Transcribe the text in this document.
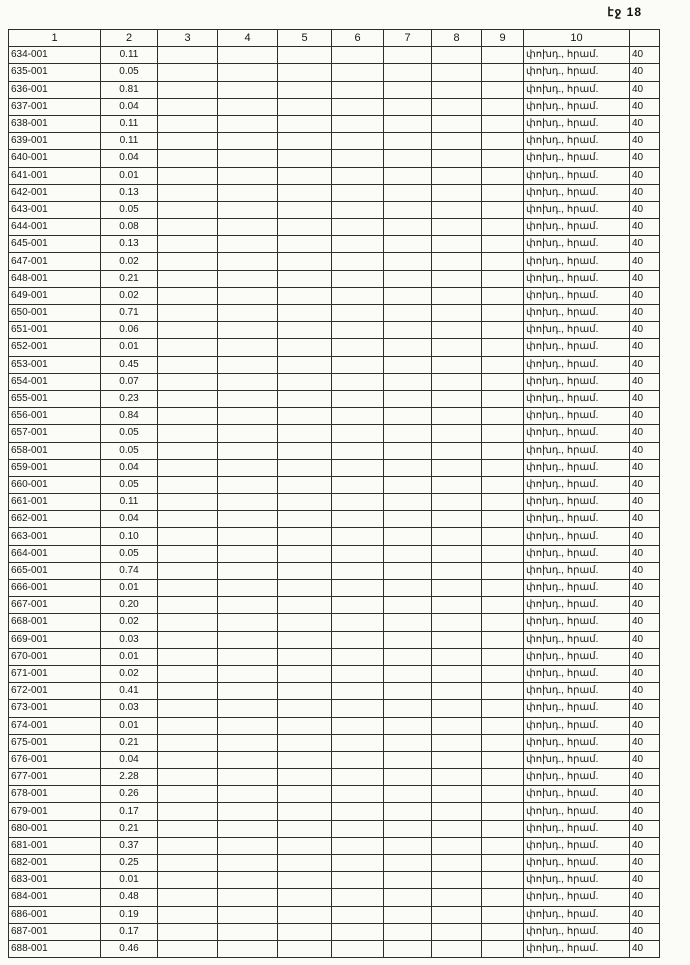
էջ 18
1	2	3	4	5	6	7	8	9	10	
634-001	0.11								փոխդ., հրամ.	40
635-001	0.05								փոխդ., հրամ.	40
636-001	0.81								փոխդ., հրամ.	40
637-001	0.04								փոխդ., հրամ.	40
638-001	0.11								փոխդ., հրամ.	40
639-001	0.11								փոխդ., հրամ.	40
640-001	0.04								փոխդ., հրամ.	40
641-001	0.01								փոխդ., հրամ.	40
642-001	0.13								փոխդ., հրամ.	40
643-001	0.05								փոխդ., հրամ.	40
644-001	0.08								փոխդ., հրամ.	40
645-001	0.13								փոխդ., հրամ.	40
647-001	0.02								փոխդ., հրամ.	40
648-001	0.21								փոխդ., հրամ.	40
649-001	0.02								փոխդ., հրամ.	40
650-001	0.71								փոխդ., հրամ.	40
651-001	0.06								փոխդ., հրամ.	40
652-001	0.01								փոխդ., հրամ.	40
653-001	0.45								փոխդ., հրամ.	40
654-001	0.07								փոխդ., հրամ.	40
655-001	0.23								փոխդ., հրամ.	40
656-001	0.84								փոխդ., հրամ.	40
657-001	0.05								փոխդ., հրամ.	40
658-001	0.05								փոխդ., հրամ.	40
659-001	0.04								փոխդ., հրամ.	40
660-001	0.05								փոխդ., հրամ.	40
661-001	0.11								փոխդ., հրամ.	40
662-001	0.04								փոխդ., հրամ.	40
663-001	0.10								փոխդ., հրամ.	40
664-001	0.05								փոխդ., հրամ.	40
665-001	0.74								փոխդ., հրամ.	40
666-001	0.01								փոխդ., հրամ.	40
667-001	0.20								փոխդ., հրամ.	40
668-001	0.02								փոխդ., հրամ.	40
669-001	0.03								փոխդ., հրամ.	40
670-001	0.01								փոխդ., հրամ.	40
671-001	0.02								փոխդ., հրամ.	40
672-001	0.41								փոխդ., հրամ.	40
673-001	0.03								փոխդ., հրամ.	40
674-001	0.01								փոխդ., հրամ.	40
675-001	0.21								փոխդ., հրամ.	40
676-001	0.04								փոխդ., հրամ.	40
677-001	2.28								փոխդ., հրամ.	40
678-001	0.26								փոխդ., հրամ.	40
679-001	0.17								փոխդ., հրամ.	40
680-001	0.21								փոխդ., հրամ.	40
681-001	0.37								փոխդ., հրամ.	40
682-001	0.25								փոխդ., հրամ.	40
683-001	0.01								փոխդ., հրամ.	40
684-001	0.48								փոխդ., հրամ.	40
686-001	0.19								փոխդ., հրամ.	40
687-001	0.17								փոխդ., հրամ.	40
688-001	0.46								փոխդ., հրամ.	40
